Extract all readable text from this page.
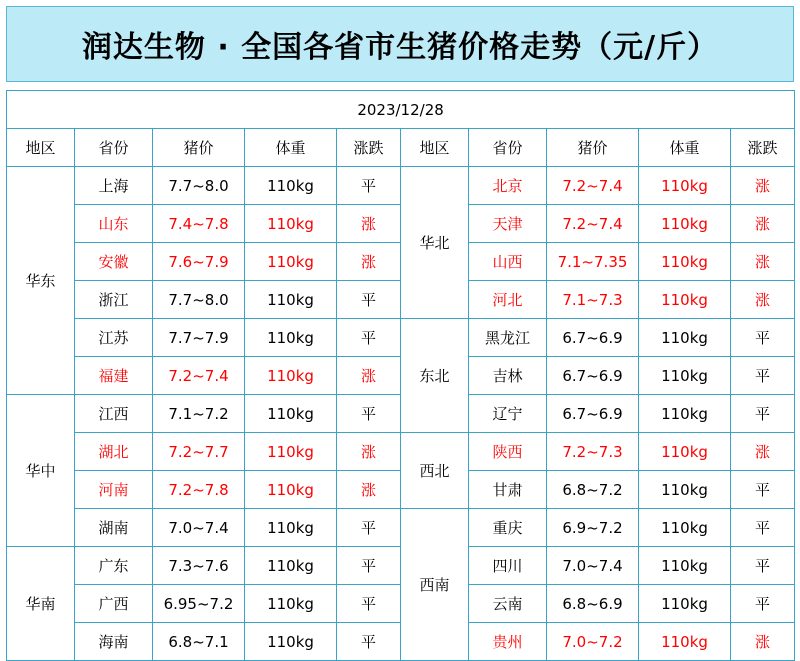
润达生物 · 全国各省市生猪价格走势（元/斤）
2023/12/28									
地区	省份	猪价	体重	涨跌	地区	省份	猪价	体重	涨跌
华东	上海	7.7~8.0	110kg	平	华北	北京	7.2~7.4	110kg	涨
	山东	7.4~7.8	110kg	涨		天津	7.2~7.4	110kg	涨
	安徽	7.6~7.9	110kg	涨		山西	7.1~7.35	110kg	涨
	浙江	7.7~8.0	110kg	平		河北	7.1~7.3	110kg	涨
	江苏	7.7~7.9	110kg	平	东北	黑龙江	6.7~6.9	110kg	平
	福建	7.2~7.4	110kg	涨		吉林	6.7~6.9	110kg	平
华中	江西	7.1~7.2	110kg	平		辽宁	6.7~6.9	110kg	平
	湖北	7.2~7.7	110kg	涨	西北	陕西	7.2~7.3	110kg	涨
	河南	7.2~7.8	110kg	涨		甘肃	6.8~7.2	110kg	平
	湖南	7.0~7.4	110kg	平	西南	重庆	6.9~7.2	110kg	平
华南	广东	7.3~7.6	110kg	平		四川	7.0~7.4	110kg	平
	广西	6.95~7.2	110kg	平		云南	6.8~6.9	110kg	平
	海南	6.8~7.1	110kg	平		贵州	7.0~7.2	110kg	涨
